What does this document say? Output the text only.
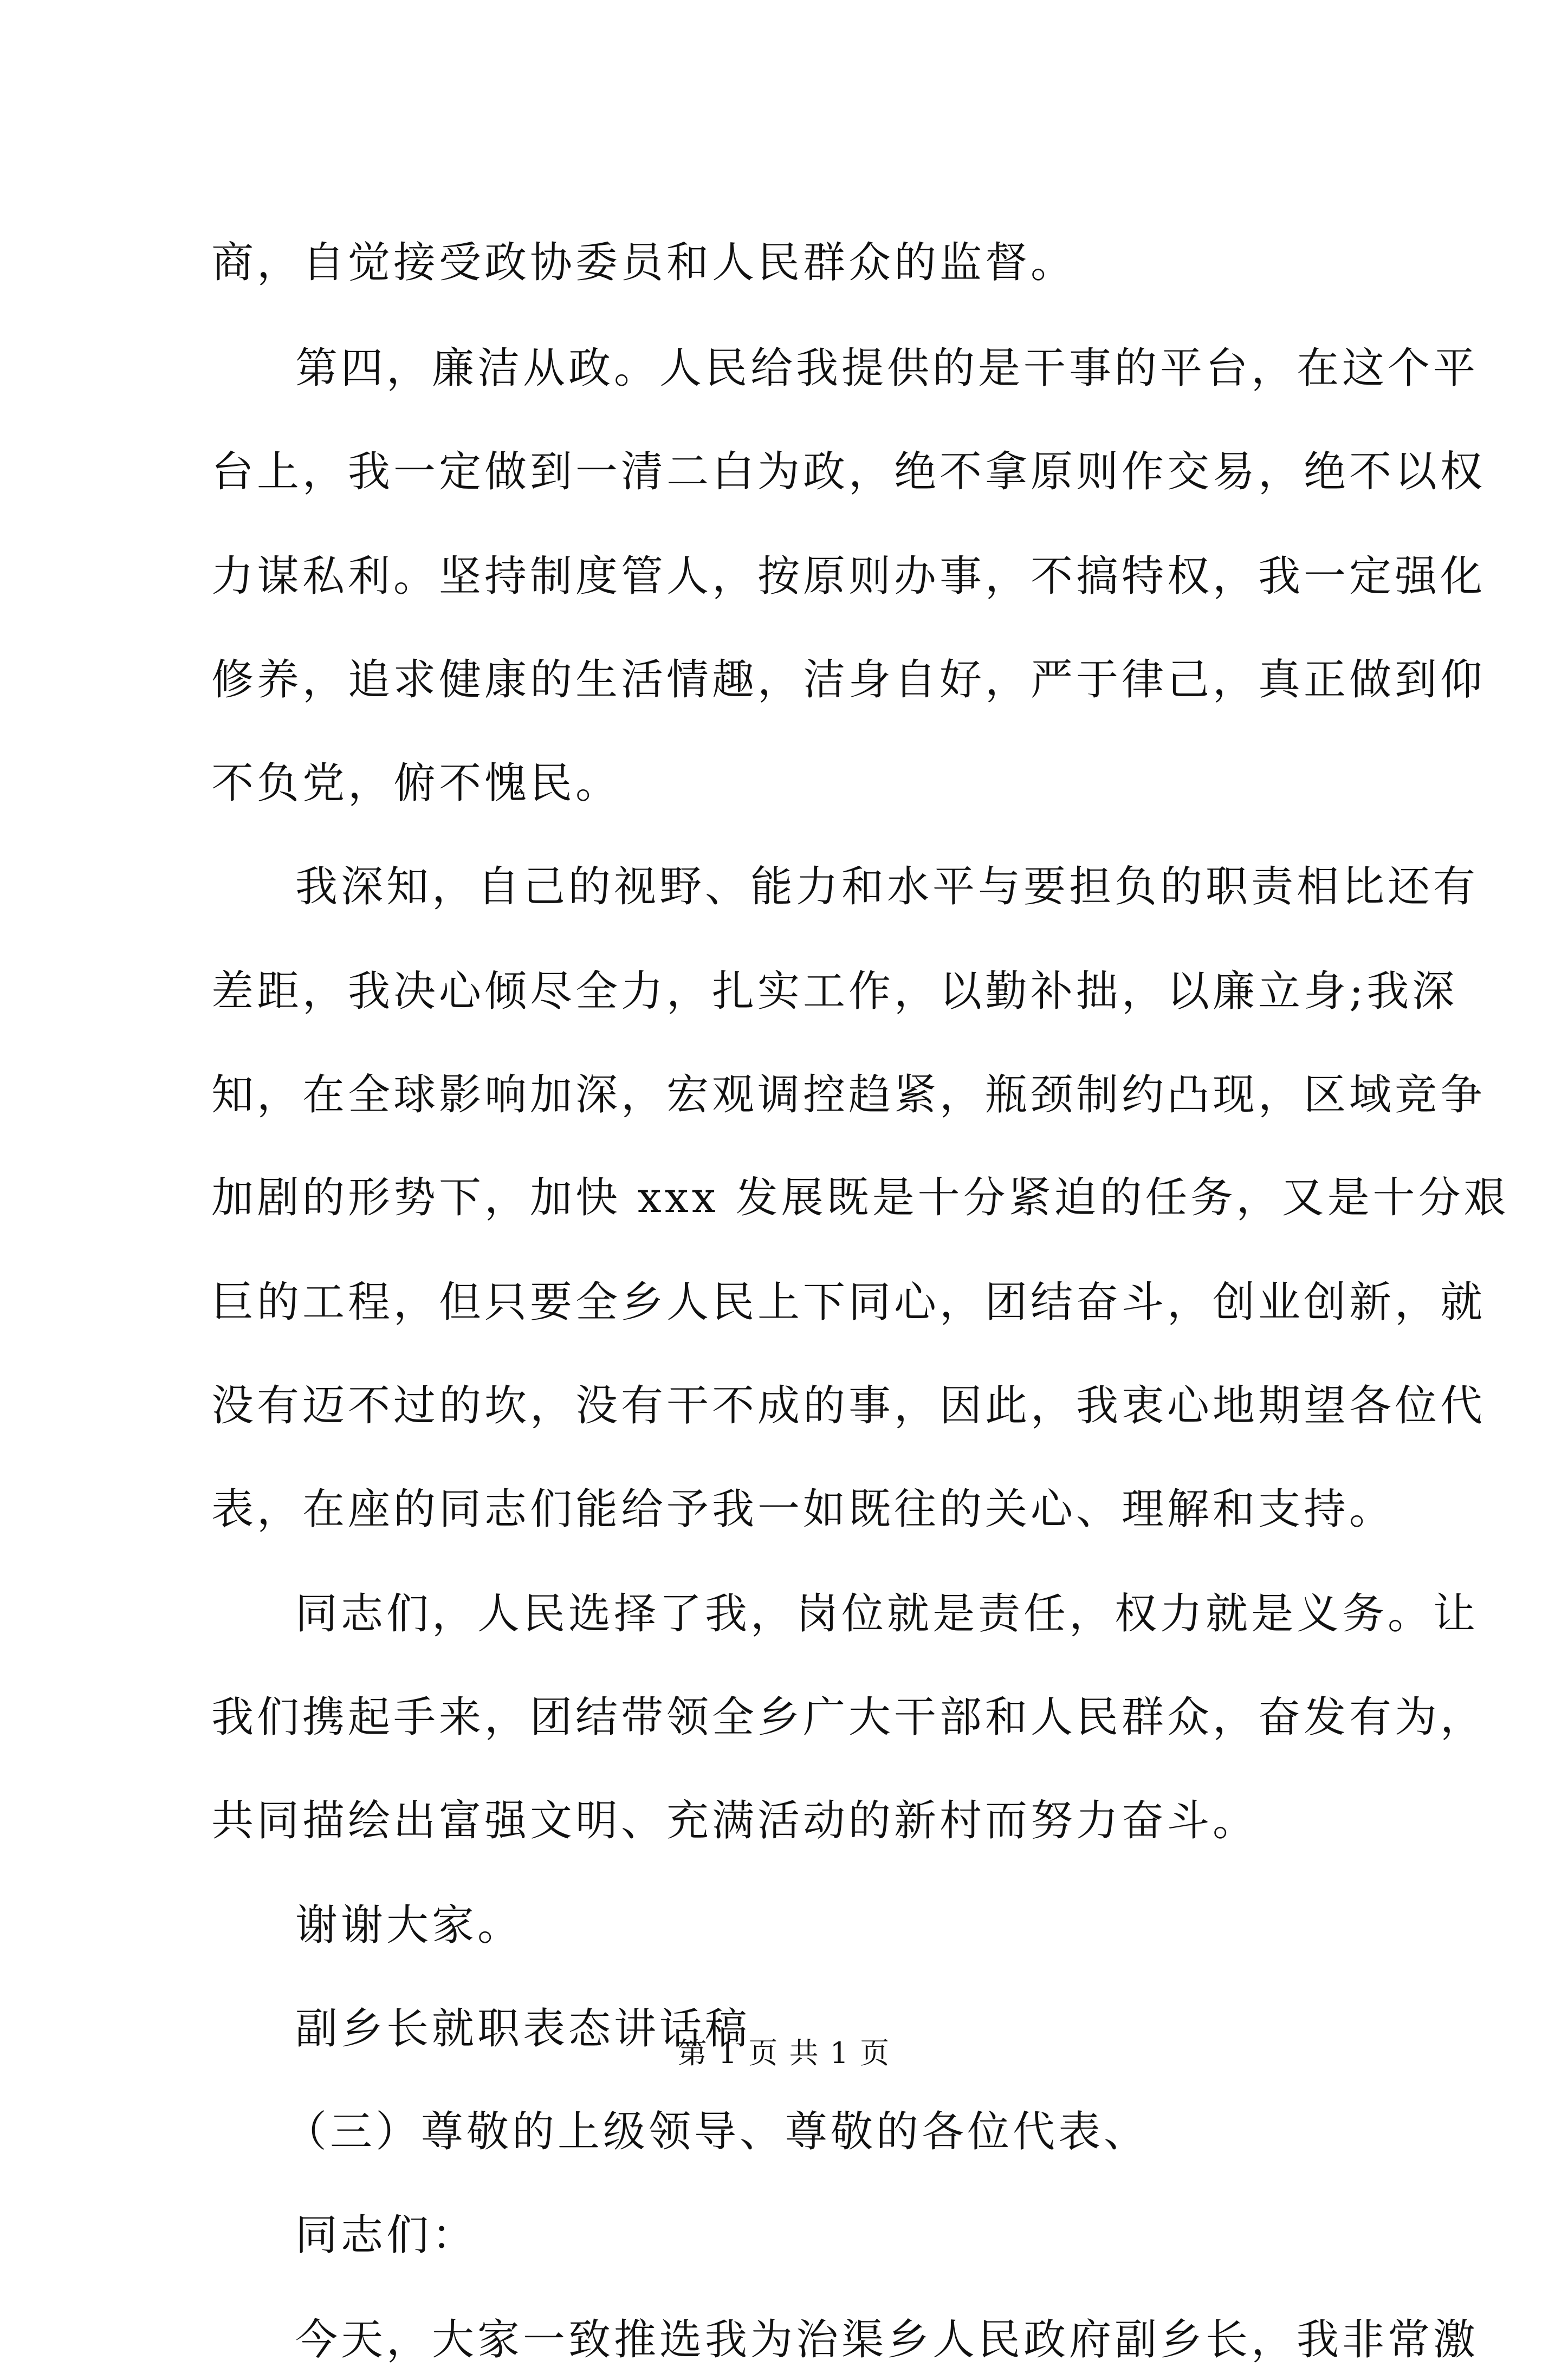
商，自觉接受政协委员和人民群众的监督。
第四，廉洁从政。人民给我提供的是干事的平台，在这个平
台上，我一定做到一清二白为政，绝不拿原则作交易，绝不以权
力谋私利。坚持制度管人，按原则办事，不搞特权，我一定强化
修养，追求健康的生活情趣，洁身自好，严于律己，真正做到仰
不负党，俯不愧民。
我深知，自己的视野、能力和水平与要担负的职责相比还有
差距，我决心倾尽全力，扎实工作，以勤补拙，以廉立身;我深
知，在全球影响加深，宏观调控趋紧，瓶颈制约凸现，区域竞争
加剧的形势下，加快 xxx 发展既是十分紧迫的任务，又是十分艰
巨的工程，但只要全乡人民上下同心，团结奋斗，创业创新，就
没有迈不过的坎，没有干不成的事，因此，我衷心地期望各位代
表，在座的同志们能给予我一如既往的关心、理解和支持。
同志们，人民选择了我，岗位就是责任，权力就是义务。让
我们携起手来，团结带领全乡广大干部和人民群众，奋发有为，
共同描绘出富强文明、充满活动的新村而努力奋斗。
谢谢大家。
副乡长就职表态讲话稿
（三）尊敬的上级领导、尊敬的各位代表、
同志们：
今天，大家一致推选我为治渠乡人民政府副乡长，我非常激
第 1 页 共 1 页
